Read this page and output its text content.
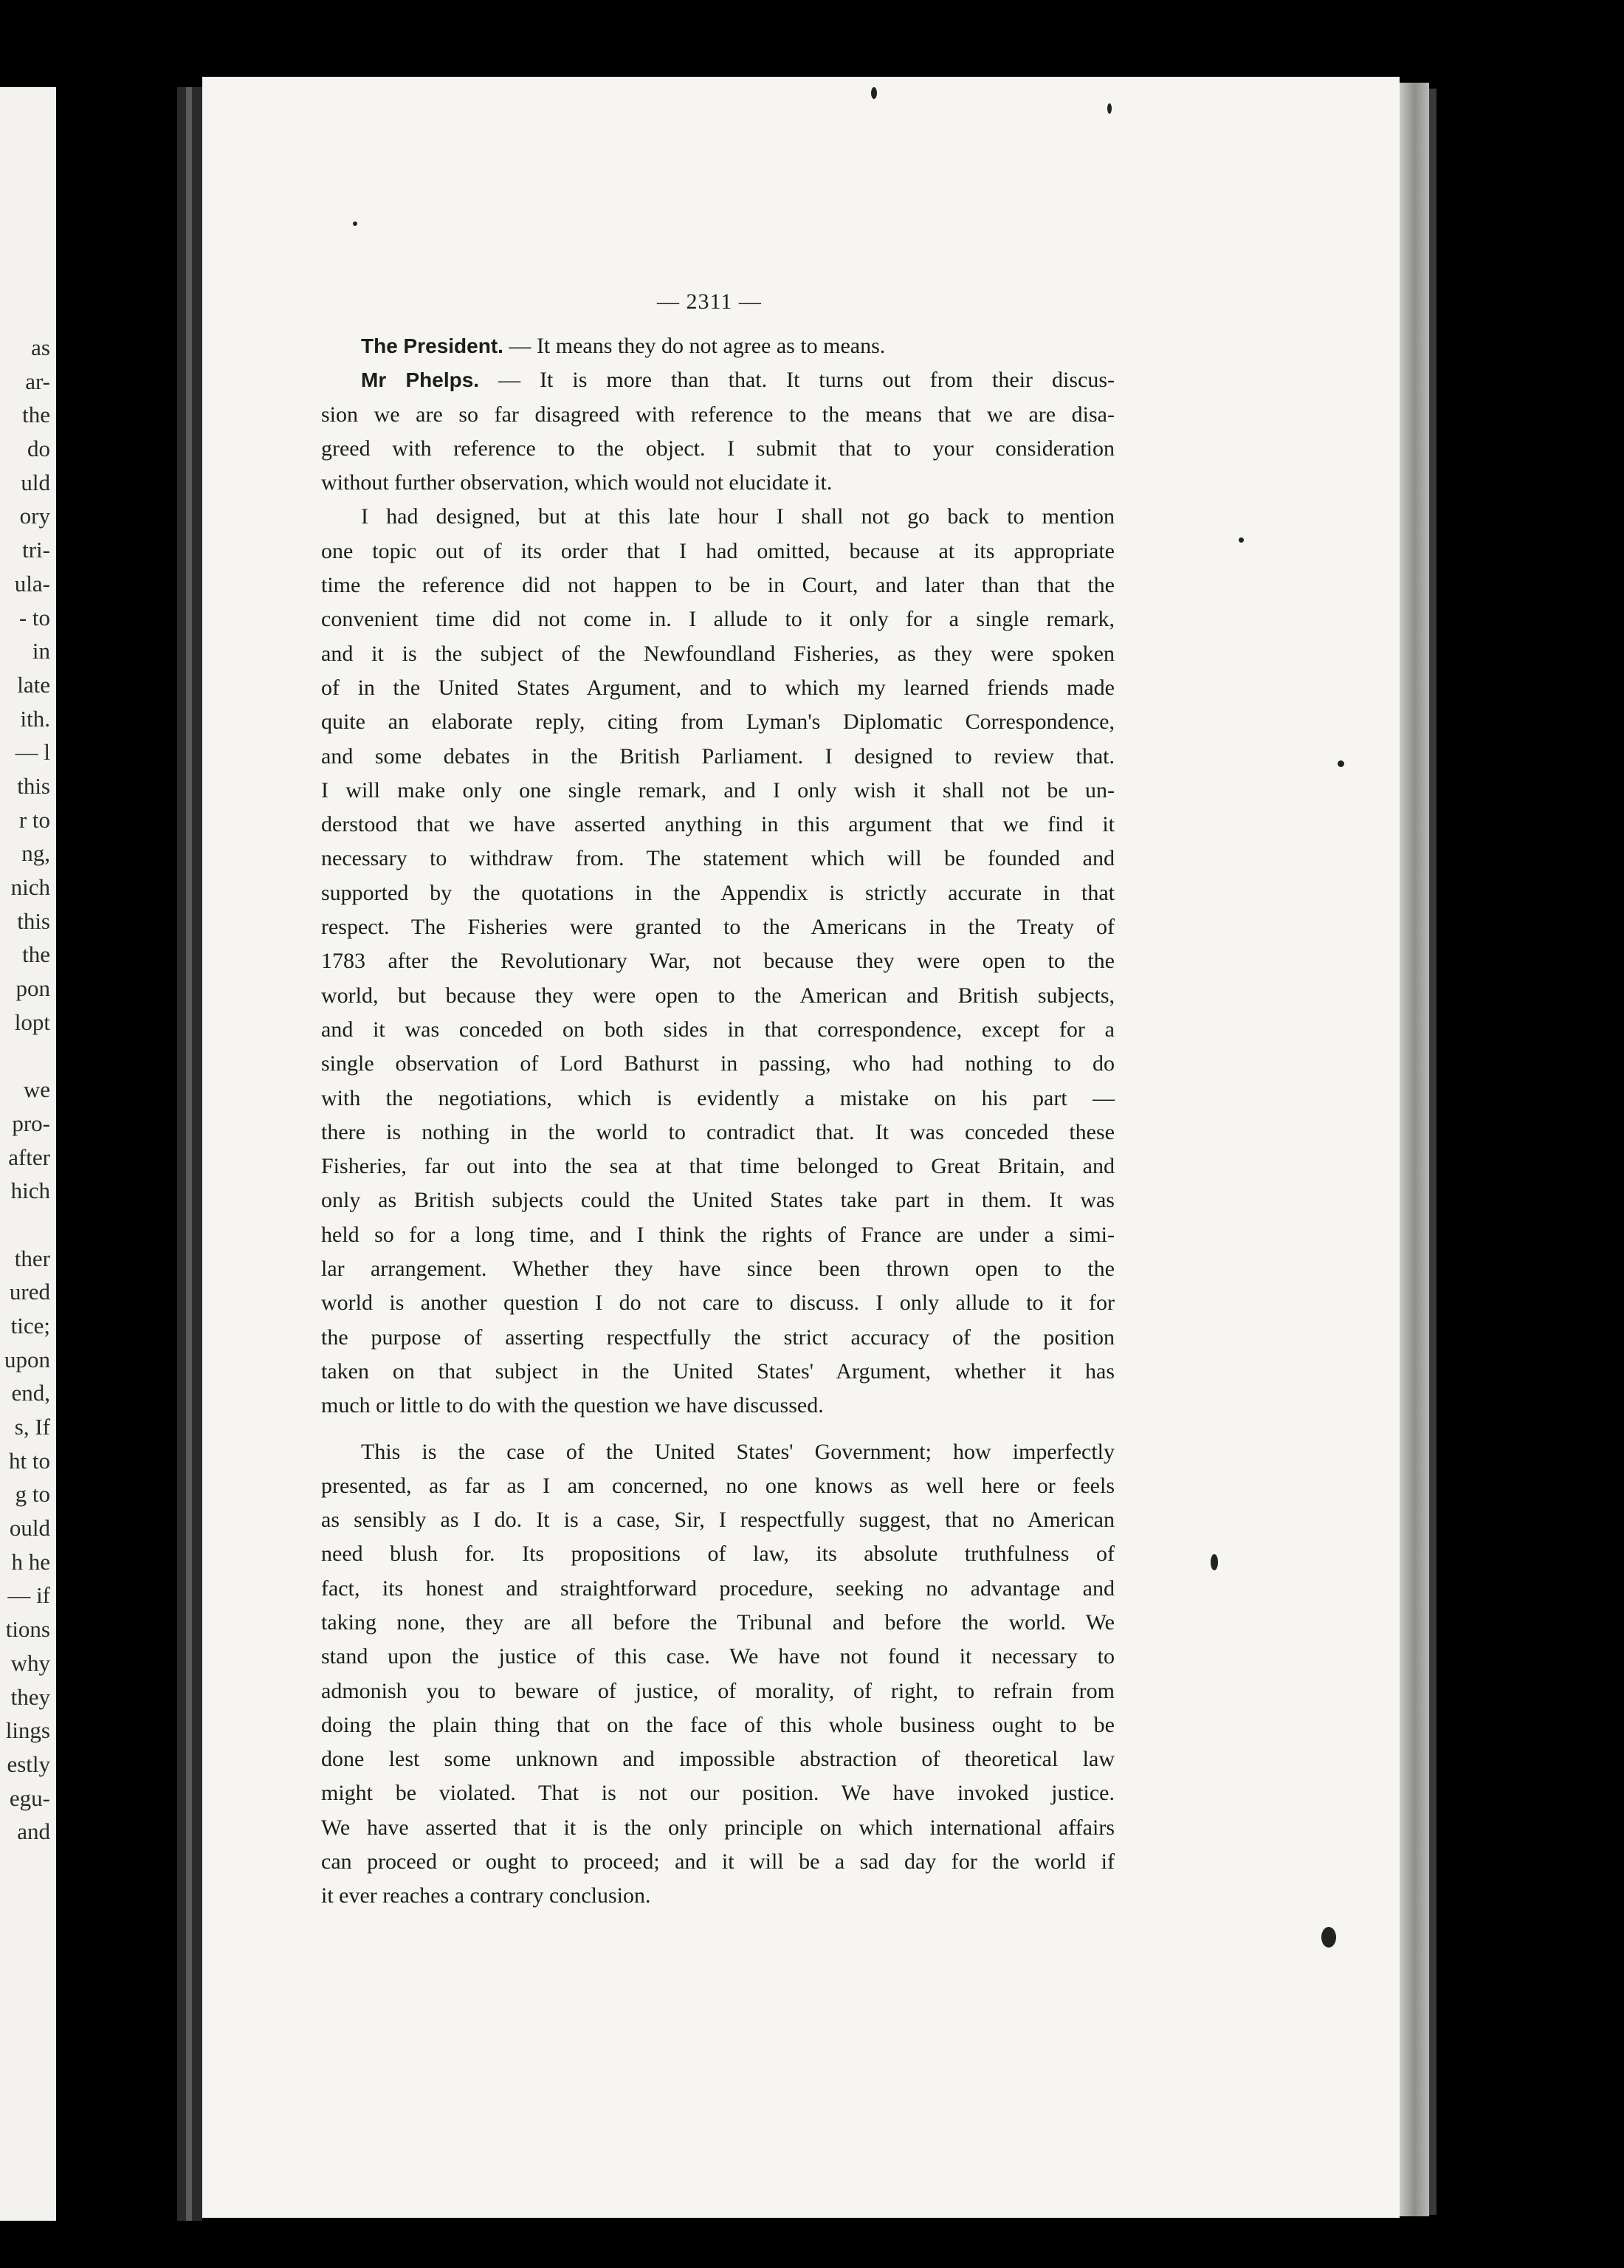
as
ar-
the
do
uld
ory
tri-
ula-
- to
in
late
ith.
— l
this
r to
ng,
nich
this
the
pon
lopt
we
pro-
after
hich
ther
ured
tice;
upon
end,
s, If
ht to
g to
ould
h he
— if
tions
why
they
lings
estly
egu-
and
— 2311 —
The President. — It means they do not agree as to means.
Mr Phelps. — It is more than that. It turns out from their discus-
sion we are so far disagreed with reference to the means that we are disa-
greed with reference to the object. I submit that to your consideration
without further observation, which would not elucidate it.
I had designed, but at this late hour I shall not go back to mention
one topic out of its order that I had omitted, because at its appropriate
time the reference did not happen to be in Court, and later than that the
convenient time did not come in. I allude to it only for a single remark,
and it is the subject of the Newfoundland Fisheries, as they were spoken
of in the United States Argument, and to which my learned friends made
quite an elaborate reply, citing from Lyman's Diplomatic Correspondence,
and some debates in the British Parliament. I designed to review that.
I will make only one single remark, and I only wish it shall not be un-
derstood that we have asserted anything in this argument that we find it
necessary to withdraw from. The statement which will be founded and
supported by the quotations in the Appendix is strictly accurate in that
respect. The Fisheries were granted to the Americans in the Treaty of
1783 after the Revolutionary War, not because they were open to the
world, but because they were open to the American and British subjects,
and it was conceded on both sides in that correspondence, except for a
single observation of Lord Bathurst in passing, who had nothing to do
with the negotiations, which is evidently a mistake on his part —
there is nothing in the world to contradict that. It was conceded these
Fisheries, far out into the sea at that time belonged to Great Britain, and
only as British subjects could the United States take part in them. It was
held so for a long time, and I think the rights of France are under a simi-
lar arrangement. Whether they have since been thrown open to the
world is another question I do not care to discuss. I only allude to it for
the purpose of asserting respectfully the strict accuracy of the position
taken on that subject in the United States' Argument, whether it has
much or little to do with the question we have discussed.
This is the case of the United States' Government; how imperfectly
presented, as far as I am concerned, no one knows as well here or feels
as sensibly as I do. It is a case, Sir, I respectfully suggest, that no American
need blush for. Its propositions of law, its absolute truthfulness of
fact, its honest and straightforward procedure, seeking no advantage and
taking none, they are all before the Tribunal and before the world. We
stand upon the justice of this case. We have not found it necessary to
admonish you to beware of justice, of morality, of right, to refrain from
doing the plain thing that on the face of this whole business ought to be
done lest some unknown and impossible abstraction of theoretical law
might be violated. That is not our position. We have invoked justice.
We have asserted that it is the only principle on which international affairs
can proceed or ought to proceed; and it will be a sad day for the world if
it ever reaches a contrary conclusion.
